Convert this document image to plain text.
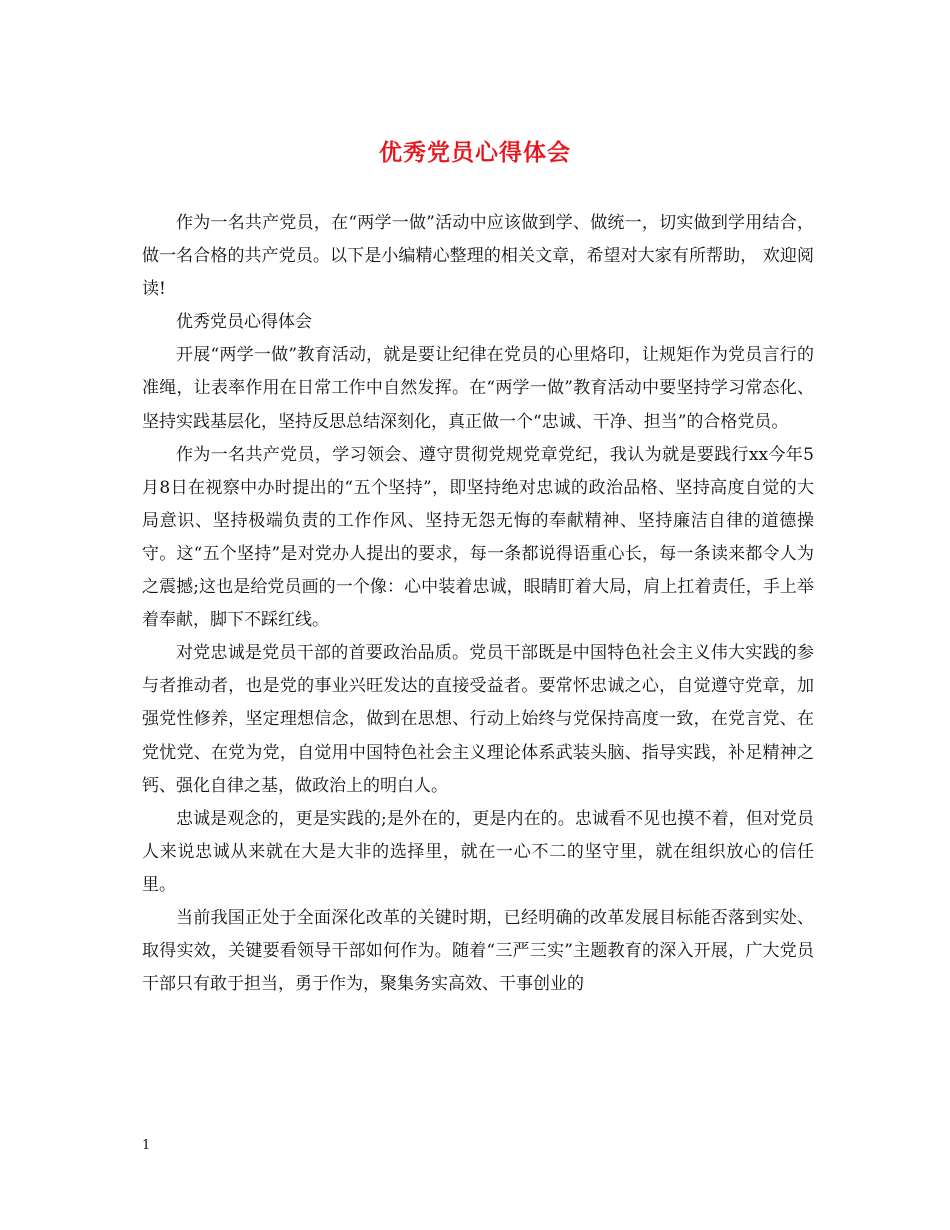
优秀党员心得体会

作为一名共产党员，在“两学一做”活动中应该做到学、做统一，切实做到学用结合，做一名合格的共产党员。以下是小编精心整理的相关文章，希望对大家有所帮助， 欢迎阅读!

优秀党员心得体会

开展“两学一做”教育活动，就是要让纪律在党员的心里烙印，让规矩作为党员言行的准绳，让表率作用在日常工作中自然发挥。在“两学一做”教育活动中要坚持学习常态化、坚持实践基层化，坚持反思总结深刻化，真正做一个“忠诚、干净、担当”的合格党员。

作为一名共产党员，学习领会、遵守贯彻党规党章党纪，我认为就是要践行xx今年5月8日在视察中办时提出的“五个坚持”，即坚持绝对忠诚的政治品格、坚持高度自觉的大局意识、坚持极端负责的工作作风、坚持无怨无悔的奉献精神、坚持廉洁自律的道德操守。这“五个坚持”是对党办人提出的要求，每一条都说得语重心长，每一条读来都令人为之震撼;这也是给党员画的一个像：心中装着忠诚，眼睛盯着大局，肩上扛着责任，手上举着奉献，脚下不踩红线。

对党忠诚是党员干部的首要政治品质。党员干部既是中国特色社会主义伟大实践的参与者推动者，也是党的事业兴旺发达的直接受益者。要常怀忠诚之心，自觉遵守党章，加强党性修养，坚定理想信念，做到在思想、行动上始终与党保持高度一致，在党言党、在党忧党、在党为党，自觉用中国特色社会主义理论体系武装头脑、指导实践，补足精神之钙、强化自律之基，做政治上的明白人。

忠诚是观念的，更是实践的;是外在的，更是内在的。忠诚看不见也摸不着，但对党员人来说忠诚从来就在大是大非的选择里，就在一心不二的坚守里，就在组织放心的信任里。

当前我国正处于全面深化改革的关键时期，已经明确的改革发展目标能否落到实处、取得实效，关键要看领导干部如何作为。随着“三严三实”主题教育的深入开展，广大党员干部只有敢于担当，勇于作为，聚集务实高效、干事创业的

1
